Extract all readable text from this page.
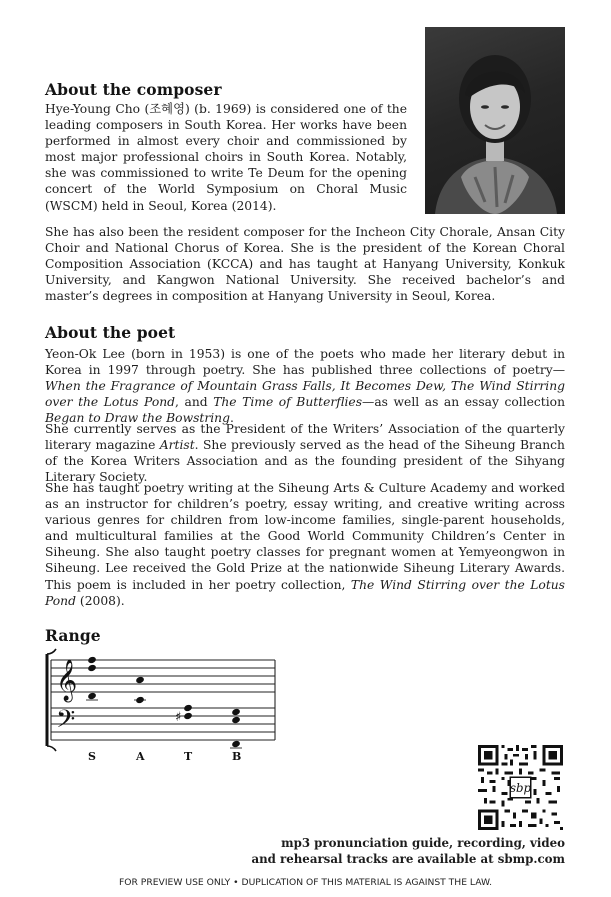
About the composer

Hye-Young Cho (조혜영) (b. 1969) is considered one of the leading composers in South Korea. Her works have been performed in almost every choir and commissioned by most major professional choirs in South Korea. Notably, she was commissioned to write Te Deum for the opening concert of the World Symposium on Choral Music (WSCM) held in Seoul, Korea (2014).

She has also been the resident composer for the Incheon City Chorale, Ansan City Choir and National Chorus of Korea. She is the president of the Korean Choral Composition Association (KCCA) and has taught at Hanyang University, Konkuk University, and Kangwon National University. She received bachelor’s and master’s degrees in composition at Hanyang University in Seoul, Korea.

About the poet

Yeon-Ok Lee (born in 1953) is one of the poets who made her literary debut in Korea in 1997 through poetry. She has published three collections of poetry—When the Fragrance of Mountain Grass Falls, It Becomes Dew, The Wind Stirring over the Lotus Pond, and The Time of Butterflies—as well as an essay collection Began to Draw the Bowstring.

She currently serves as the President of the Writers’ Association of the quarterly literary magazine Artist. She previously served as the head of the Siheung Branch of the Korea Writers Association and as the founding president of the Sihyang Literary Society.

She has taught poetry writing at the Siheung Arts & Culture Academy and worked as an instructor for children’s poetry, essay writing, and creative writing across various genres for children from low-income families, single-parent households, and multicultural families at the Good World Community Children’s Center in Siheung. She also taught poetry classes for pregnant women at Yemyeongwon in Siheung. Lee received the Gold Prize at the nationwide Siheung Literary Awards. This poem is included in her poetry collection, The Wind Stirring over the Lotus Pond (2008).

Range
𝄞
𝄢	♯
S	A	T	B
sbp
mp3 pronunciation guide, recording, video
and rehearsal tracks are available at sbmp.com
FOR PREVIEW USE ONLY • DUPLICATION OF THIS MATERIAL IS AGAINST THE LAW.
